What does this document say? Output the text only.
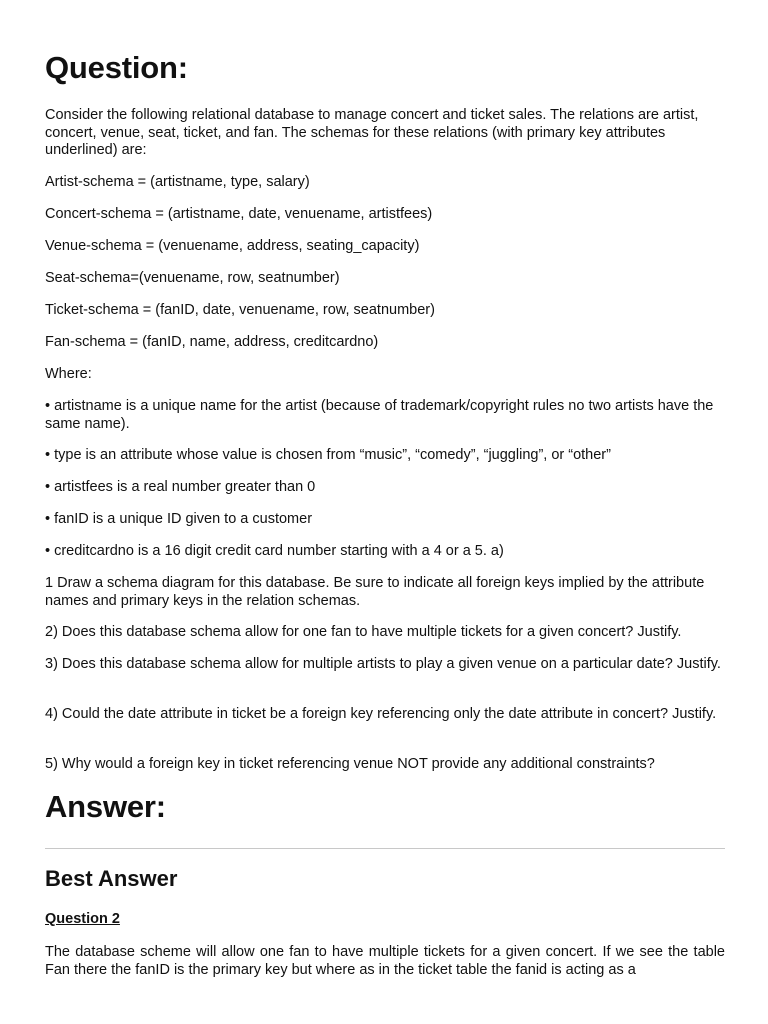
Question:

Consider the following relational database to manage concert and ticket sales. The relations are artist, concert, venue, seat, ticket, and fan. The schemas for these relations (with primary key attributes underlined) are:

Artist-schema = (artistname, type, salary)

Concert-schema = (artistname, date, venuename, artistfees)

Venue-schema = (venuename, address, seating_capacity)

Seat-schema=(venuename, row, seatnumber)

Ticket-schema = (fanID, date, venuename, row, seatnumber)

Fan-schema = (fanID, name, address, creditcardno)

Where:

• artistname is a unique name for the artist (because of trademark/copyright rules no two artists have the same name).

• type is an attribute whose value is chosen from “music”, “comedy”, “juggling”, or “other”

• artistfees is a real number greater than 0

• fanID is a unique ID given to a customer

• creditcardno is a 16 digit credit card number starting with a 4 or a 5. a)

1 Draw a schema diagram for this database. Be sure to indicate all foreign keys implied by the attribute names and primary keys in the relation schemas.

2) Does this database schema allow for one fan to have multiple tickets for a given concert? Justify.

3) Does this database schema allow for multiple artists to play a given venue on a particular date? Justify.

4) Could the date attribute in ticket be a foreign key referencing only the date attribute in concert? Justify.

5) Why would a foreign key in ticket referencing venue NOT provide any additional constraints?

Answer:
Best Answer
Question 2

The database scheme will allow one fan to have multiple tickets for a given concert. If we see the table Fan there the fanID is the primary key but where as in the ticket table the fanid is acting as a
